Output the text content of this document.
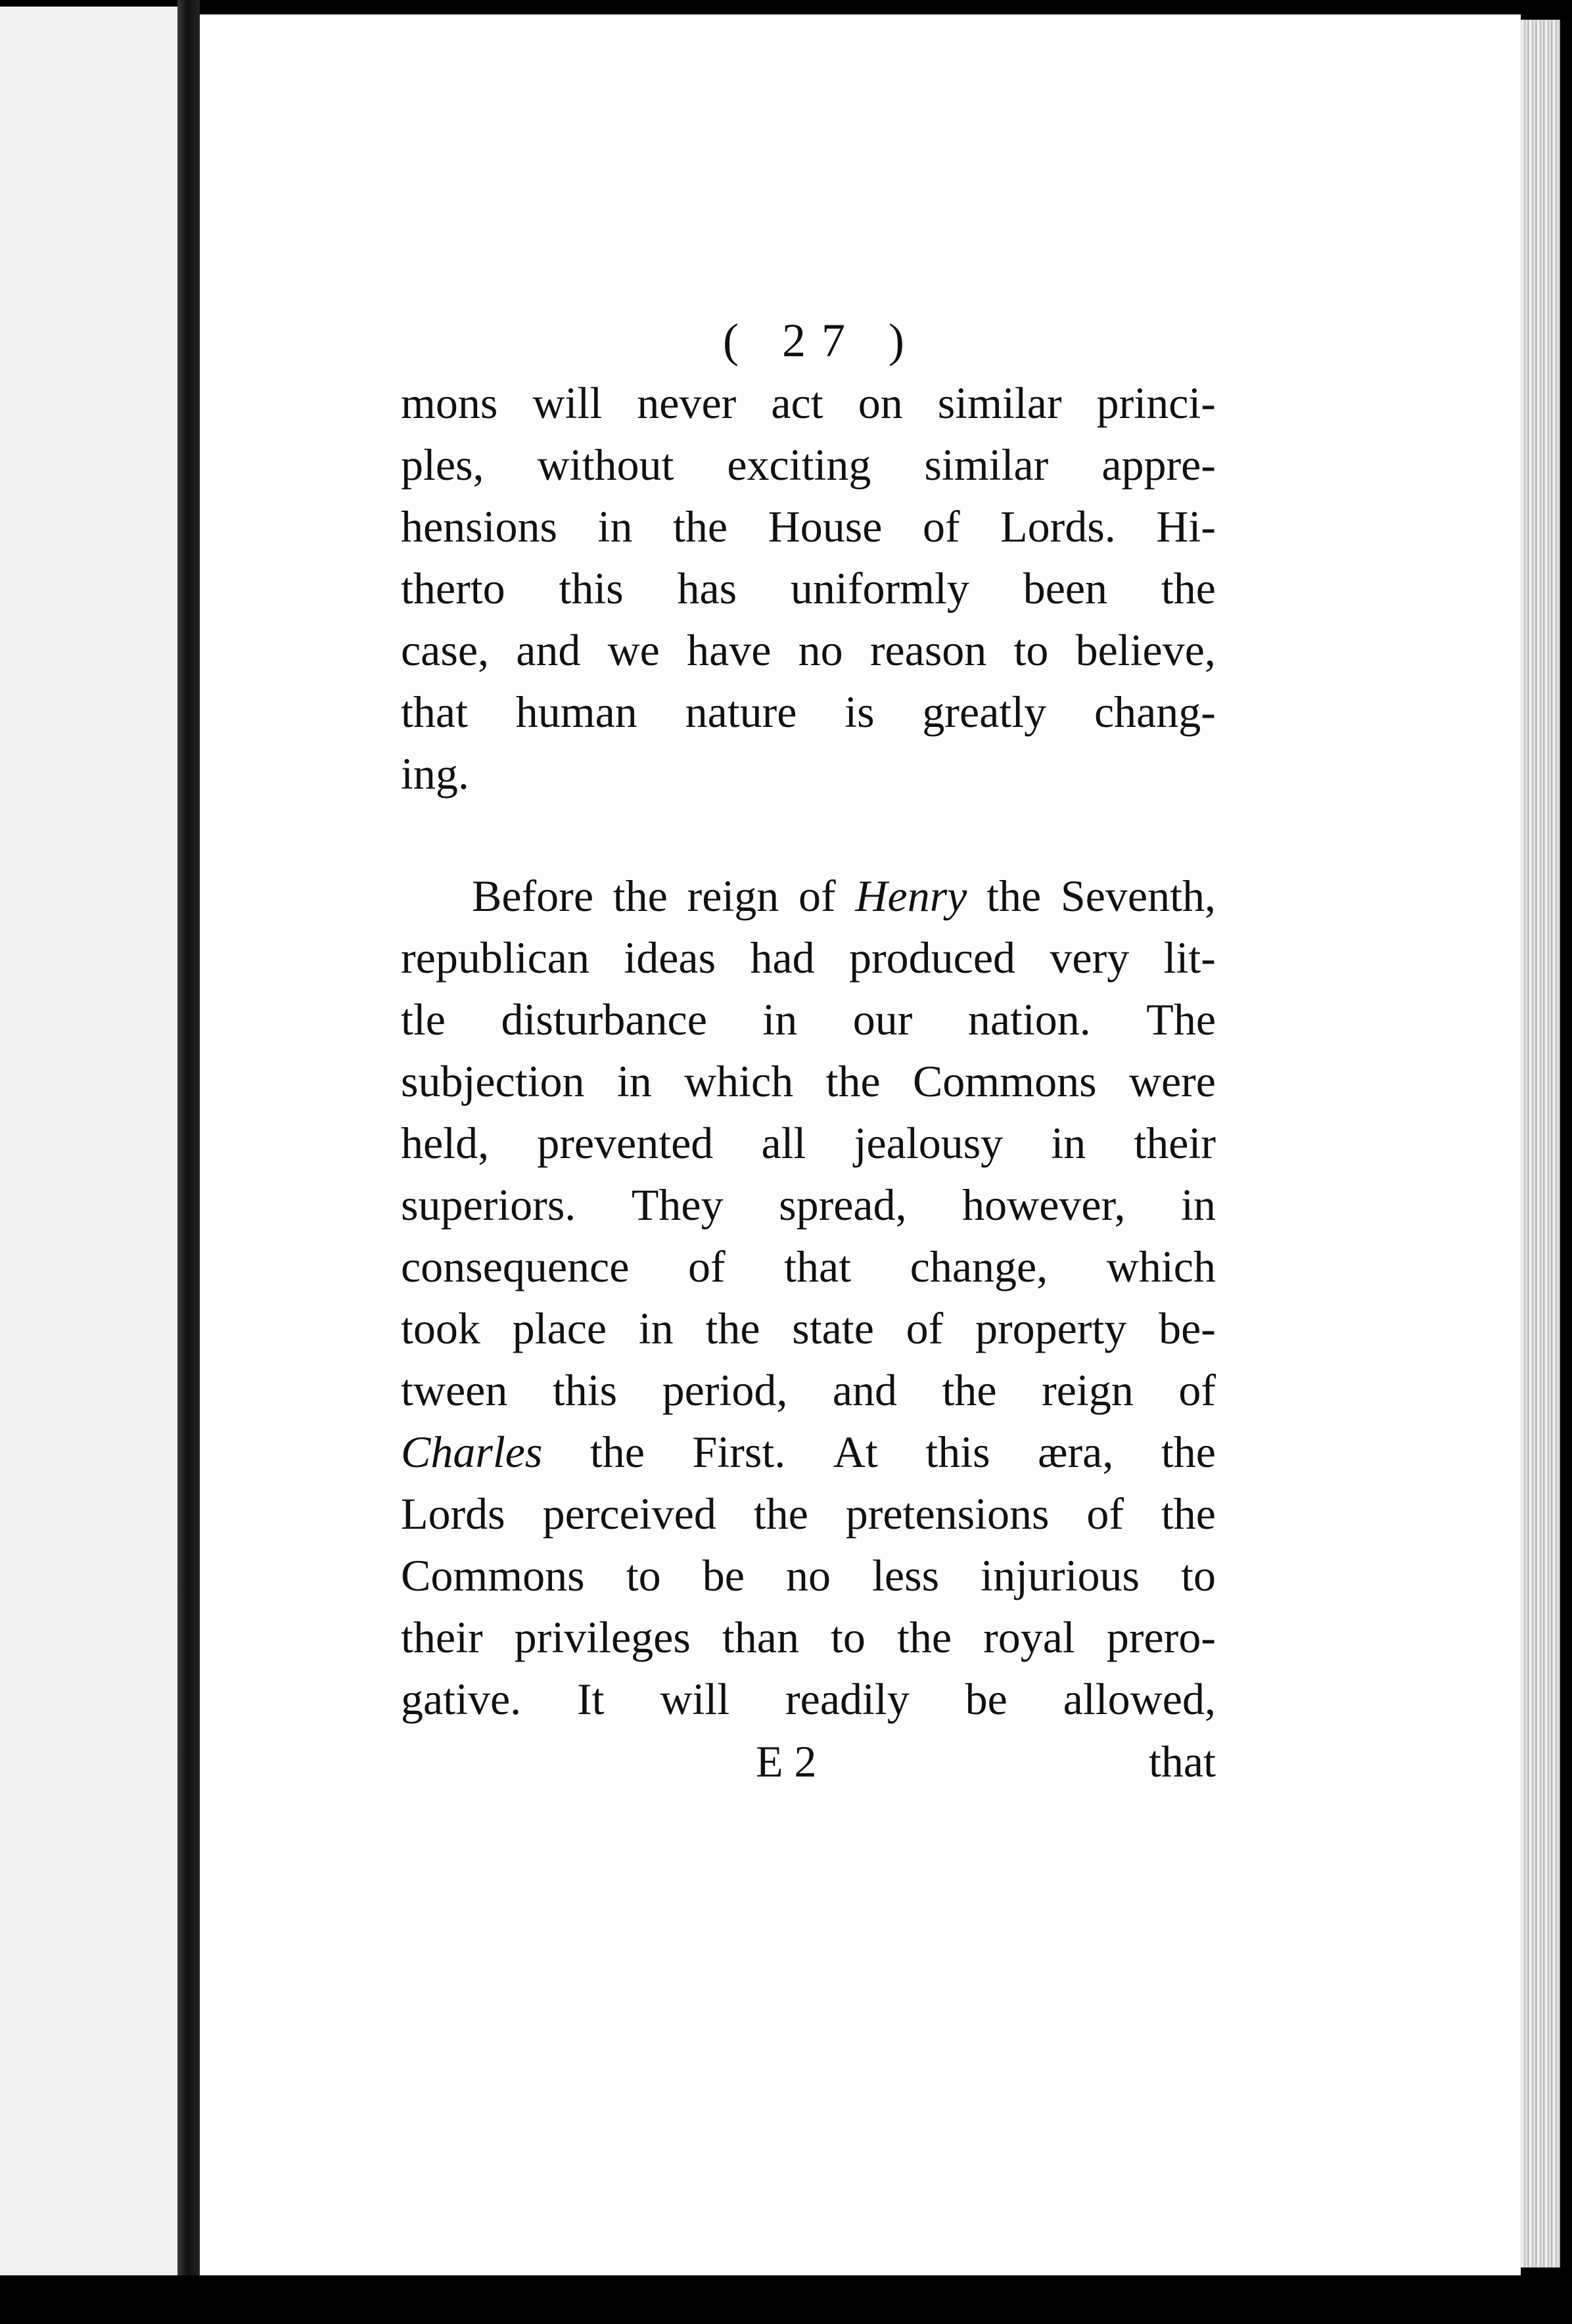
( 27 )
mons will never act on similar princi-
ples, without exciting similar appre-
hensions in the House of Lords. Hi-
therto this has uniformly been the
case, and we have no reason to believe,
that human nature is greatly chang-
ing.
Before the reign of Henry the Seventh,
republican ideas had produced very lit-
tle disturbance in our nation. The
subjection in which the Commons were
held, prevented all jealousy in their
superiors. They spread, however, in
consequence of that change, which
took place in the state of property be-
tween this period, and the reign of
Charles the First. At this æra, the
Lords perceived the pretensions of the
Commons to be no less injurious to
their privileges than to the royal prero-
gative. It will readily be allowed,
E 2	that
